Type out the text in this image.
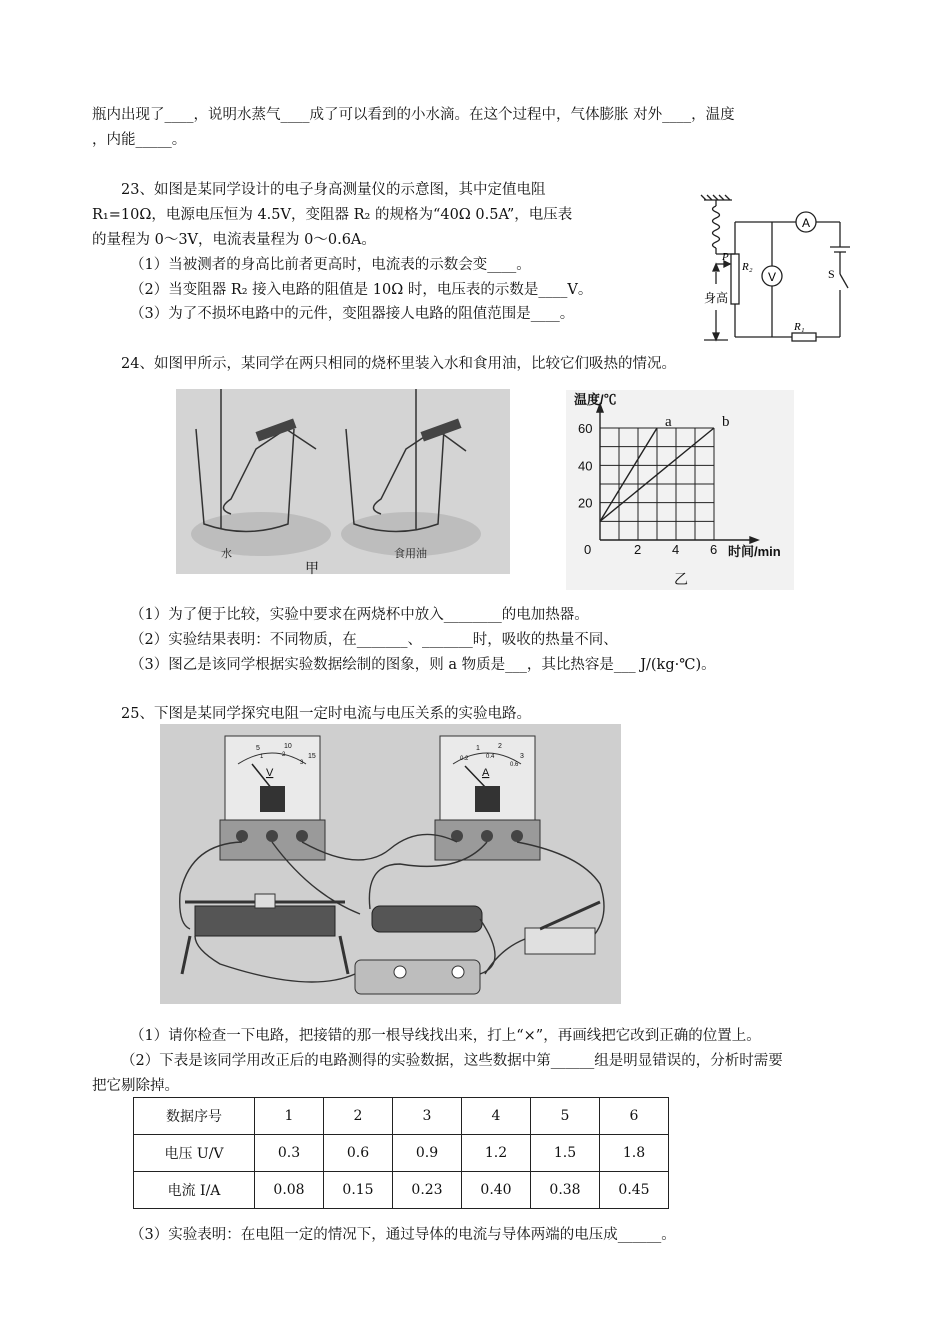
瓶内出现了____，说明水蒸气____成了可以看到的小水滴。在这个过程中，气体膨胀 对外____，温度
，内能_____。
23、如图是某同学设计的电子身高测量仪的示意图，其中定值电阻
R₁=10Ω，电源电压恒为 4.5V，变阻器 R₂ 的规格为“40Ω 0.5A”，电压表
的量程为 0～3V，电流表量程为 0～0.6A。
（1）当被测者的身高比前者更高时，电流表的示数会变____。
（2）当变阻器 R₂ 接入电路的阻值是 10Ω 时，电压表的示数是____V。
（3）为了不损坏电路中的元件，变阻器接人电路的阻值范围是____。
A
V	S
P
R₂
R₁
身高
24、如图甲所示，某同学在两只相同的烧杯里装入水和食用油，比较它们吸热的情况。
水	食用油
甲
a	b
0	2 4 6
20
40
60
温度/℃
时间/min
乙
（1）为了便于比较，实验中要求在两烧杯中放入________的电加热器。
（2）实验结果表明：不同物质，在_______、_______时，吸收的热量不同、
（3）图乙是该同学根据实验数据绘制的图象，则 a 物质是___，其比热容是___ J/(kg·℃)。
25、下图是某同学探究电阻一定时电流与电压关系的实验电路。
V
5	10
15
1	2
3
A
1	2
3
0.2	0.4
0.6
（1）请你检查一下电路，把接错的那一根导线找出来，打上“×”，再画线把它改到正确的位置上。
（2）下表是该同学用改正后的电路测得的实验数据，这些数据中第______组是明显错误的，分析时需要
把它剔除掉。
数据序号	1	2	3	4	5	6
电压 U/V	0.3	0.6	0.9	1.2	1.5	1.8
电流 I/A	0.08	0.15	0.23	0.40	0.38	0.45
（3）实验表明：在电阻一定的情况下，通过导体的电流与导体两端的电压成______。
